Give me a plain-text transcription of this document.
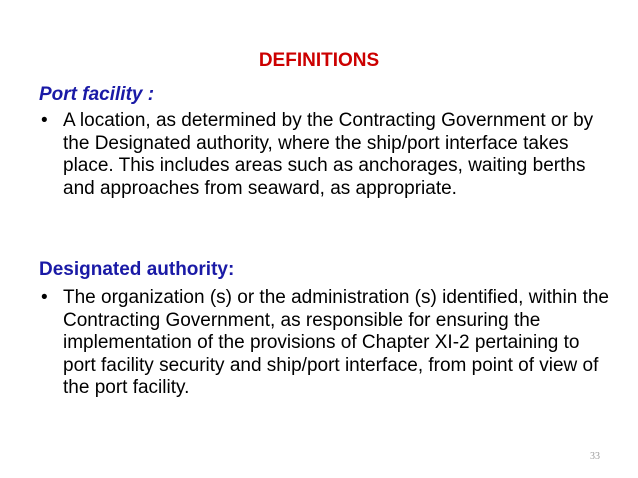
DEFINITIONS
Port facility :
• A location, as determined by the Contracting Government or by the Designated authority, where the ship/port interface takes place. This includes areas such as anchorages, waiting berths and approaches from seaward, as appropriate.
Designated authority:
• The organization (s) or the administration (s) identified, within the Contracting Government, as responsible for ensuring the implementation of the provisions of Chapter XI-2 pertaining to port facility security and ship/port interface, from point of view of the port facility.
33
